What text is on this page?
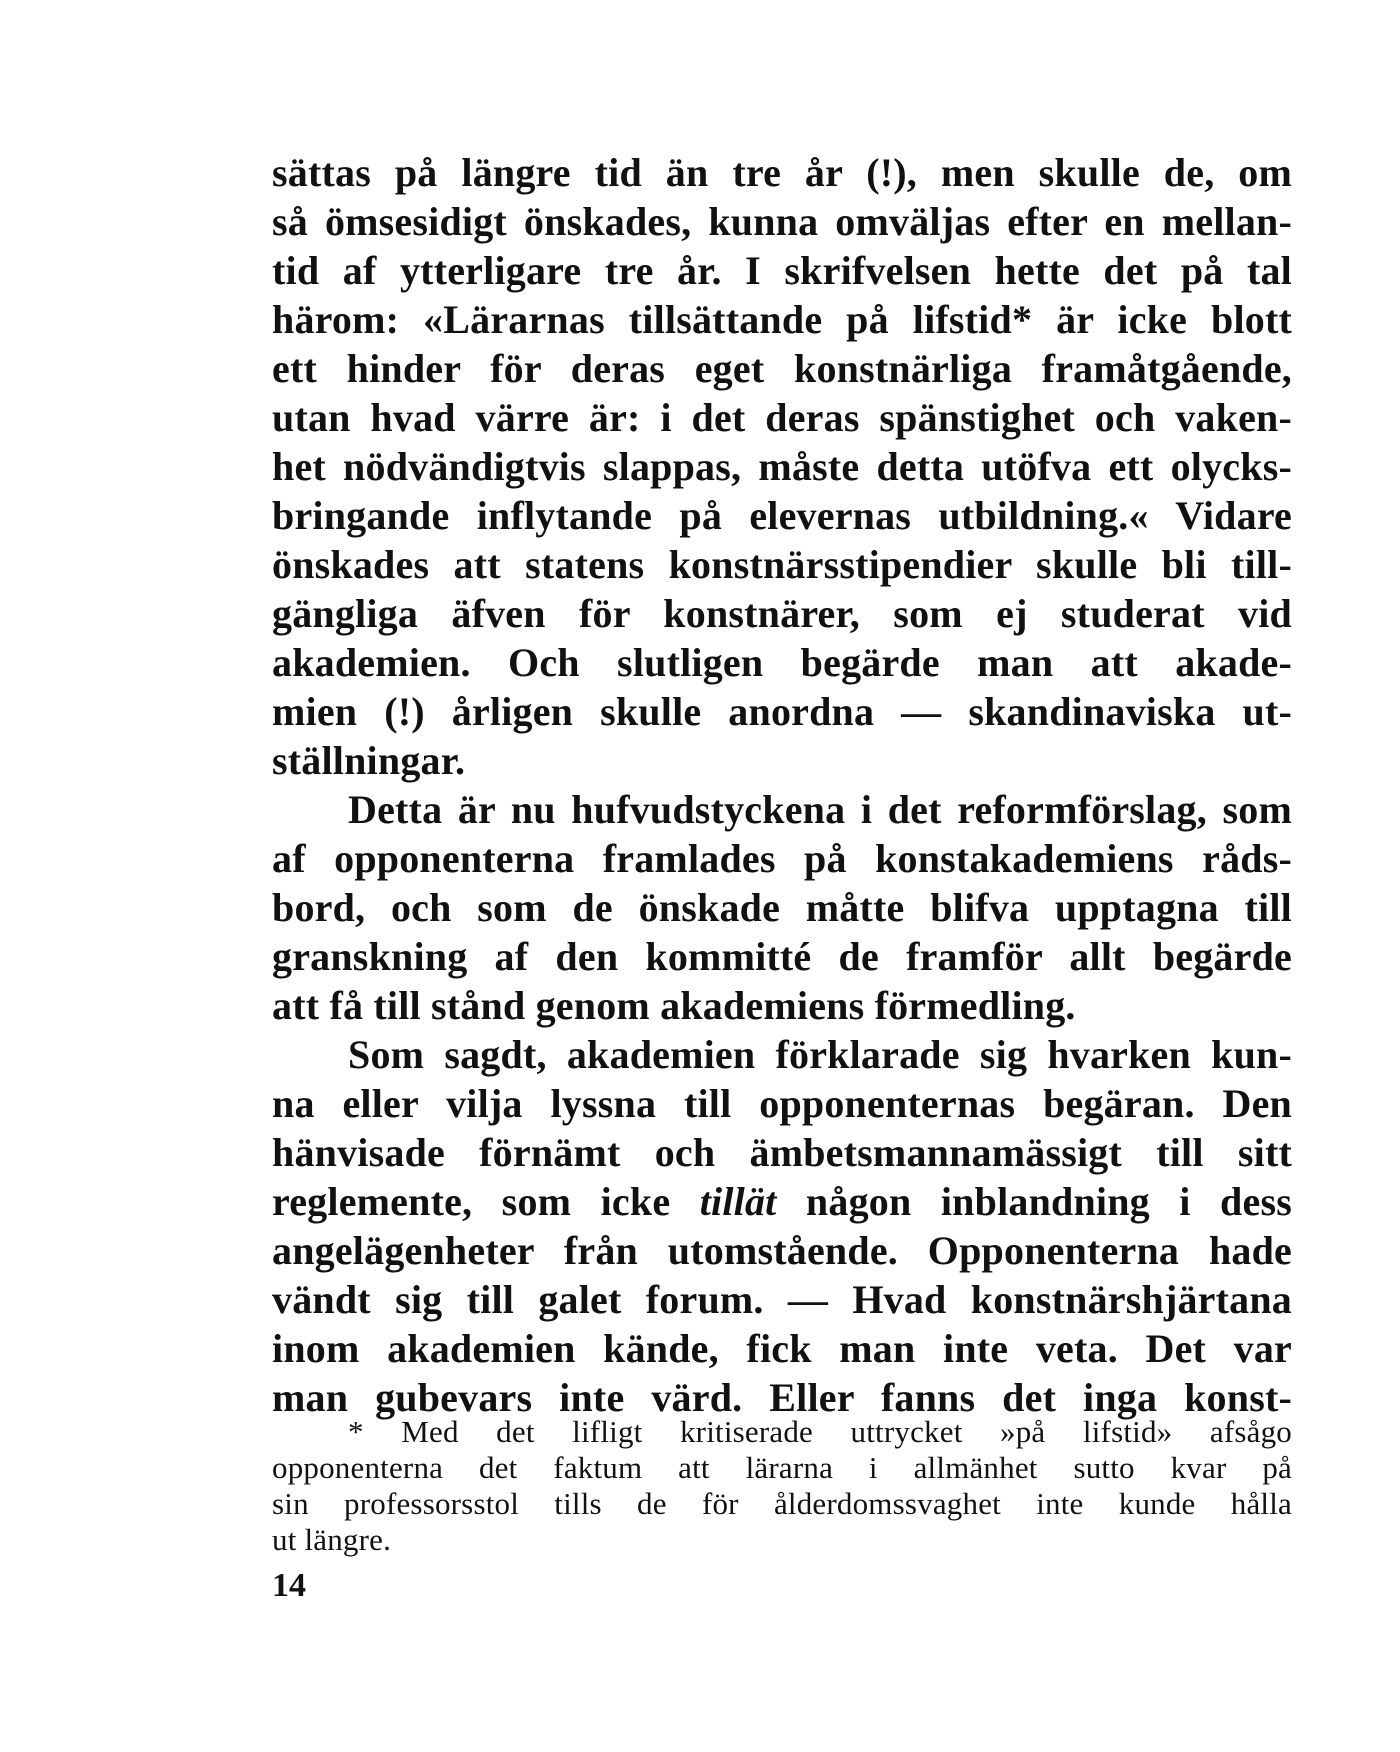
sättas på längre tid än tre år (!), men skulle de, om
så ömsesidigt önskades, kunna omväljas efter en mellan-
tid af ytterligare tre år. I skrifvelsen hette det på tal
härom: «Lärarnas tillsättande på lifstid* är icke blott
ett hinder för deras eget konstnärliga framåtgående,
utan hvad värre är: i det deras spänstighet och vaken-
het nödvändigtvis slappas, måste detta utöfva ett olycks-
bringande inflytande på elevernas utbildning.« Vidare
önskades att statens konstnärsstipendier skulle bli till-
gängliga äfven för konstnärer, som ej studerat vid
akademien. Och slutligen begärde man att akade-
mien (!) årligen skulle anordna — skandinaviska ut-
ställningar.
Detta är nu hufvudstyckena i det reformförslag, som
af opponenterna framlades på konstakademiens råds-
bord, och som de önskade måtte blifva upptagna till
granskning af den kommitté de framför allt begärde
att få till stånd genom akademiens förmedling.
Som sagdt, akademien förklarade sig hvarken kun-
na eller vilja lyssna till opponenternas begäran. Den
hänvisade förnämt och ämbetsmannamässigt till sitt
reglemente, som icke tillät någon inblandning i dess
angelägenheter från utomstående. Opponenterna hade
vändt sig till galet forum. — Hvad konstnärshjärtana
inom akademien kände, fick man inte veta. Det var
man gubevars inte värd. Eller fanns det inga konst-
* Med det lifligt kritiserade uttrycket »på lifstid» afsågo
opponenterna det faktum att lärarna i allmänhet sutto kvar på
sin professorsstol tills de för ålderdomssvaghet inte kunde hålla
ut längre.
14
